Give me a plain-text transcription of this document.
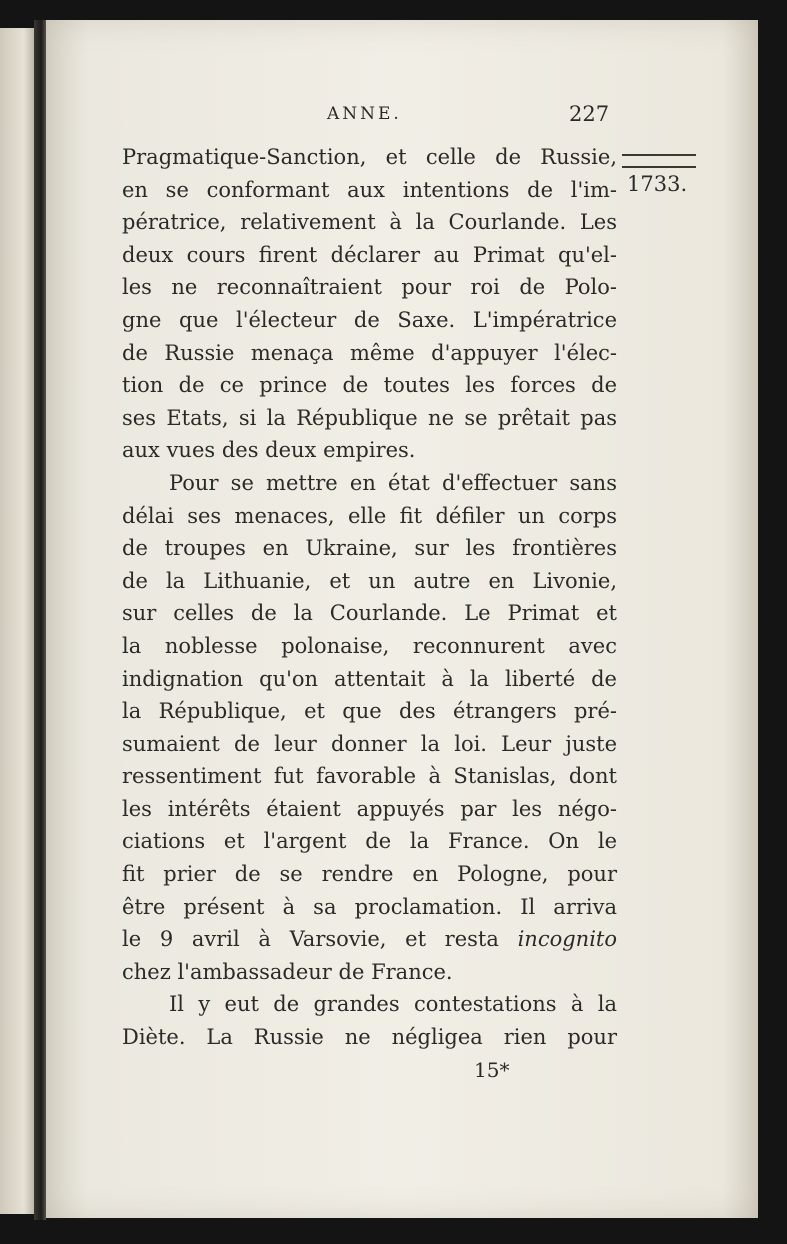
ANNE.	227
1733.
Pragmatique-Sanction, et celle de Russie,
en se conformant aux intentions de l'im-
pératrice, relativement à la Courlande. Les
deux cours firent déclarer au Primat qu'el-
les ne reconnaîtraient pour roi de Polo-
gne que l'électeur de Saxe. L'impératrice
de Russie menaça même d'appuyer l'élec-
tion de ce prince de toutes les forces de
ses Etats, si la République ne se prêtait pas
aux vues des deux empires.
Pour se mettre en état d'effectuer sans
délai ses menaces, elle fit défiler un corps
de troupes en Ukraine, sur les frontières
de la Lithuanie, et un autre en Livonie,
sur celles de la Courlande. Le Primat et
la noblesse polonaise, reconnurent avec
indignation qu'on attentait à la liberté de
la République, et que des étrangers pré-
sumaient de leur donner la loi. Leur juste
ressentiment fut favorable à Stanislas, dont
les intérêts étaient appuyés par les négo-
ciations et l'argent de la France. On le
fit prier de se rendre en Pologne, pour
être présent à sa proclamation. Il arriva
le 9 avril à Varsovie, et resta incognito
chez l'ambassadeur de France.
Il y eut de grandes contestations à la
Diète. La Russie ne négligea rien pour
15*
